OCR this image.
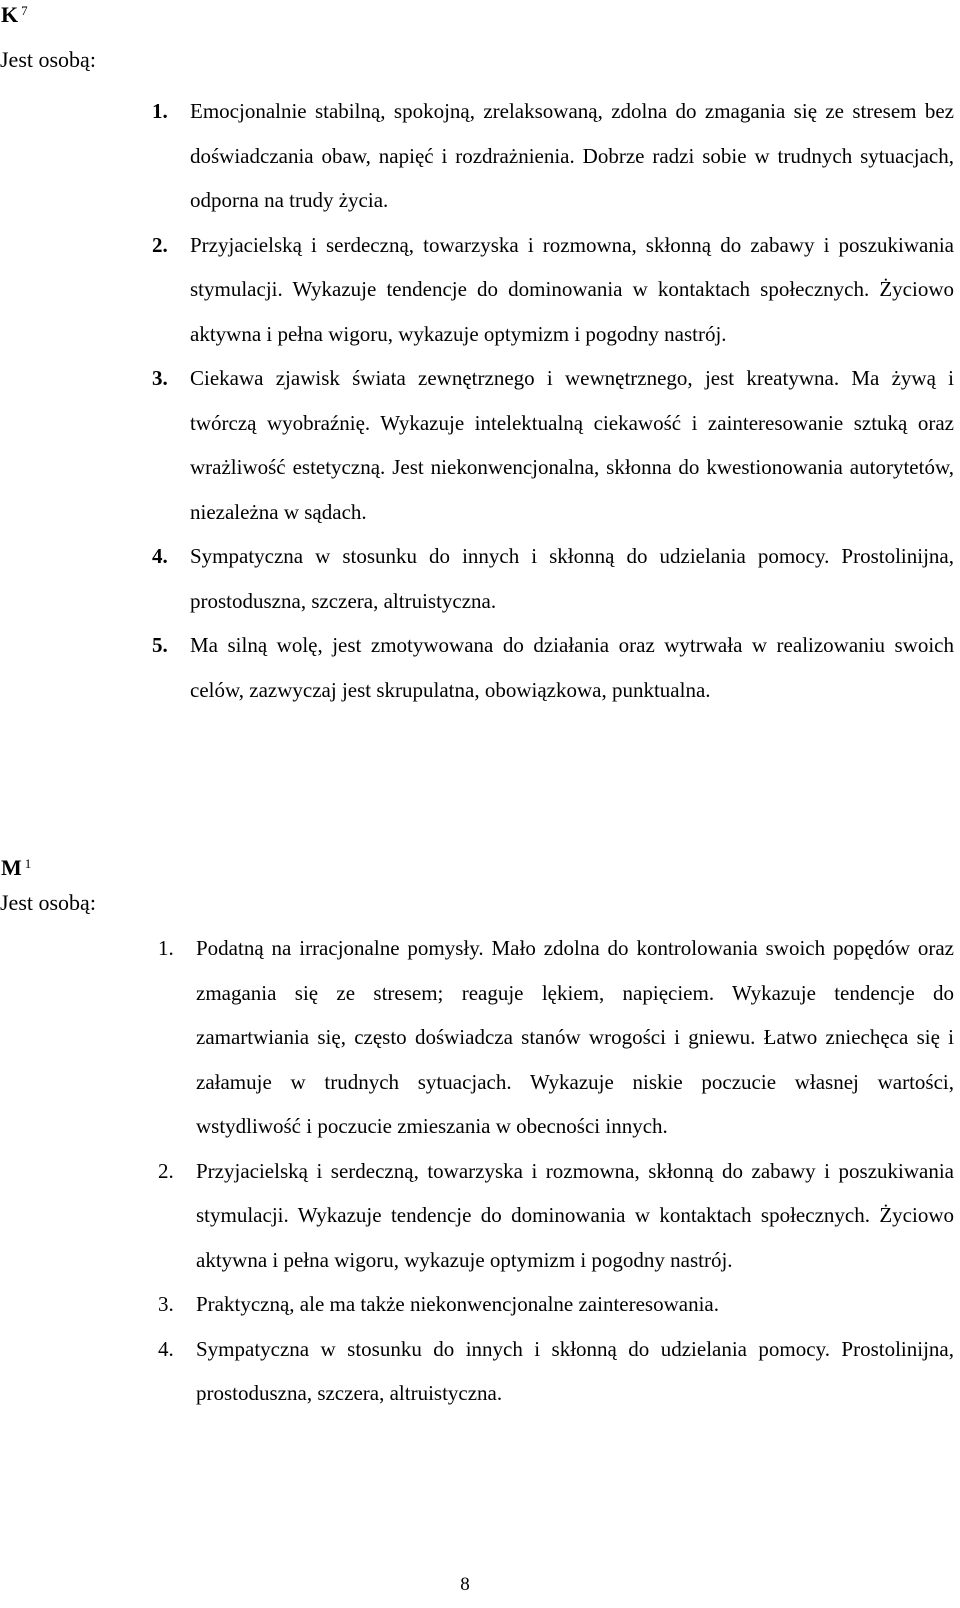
K $^7$
Jest osobą:
1.	Emocjonalnie stabilną, spokojną, zrelaksowaną, zdolna do zmagania się ze stresem bez doświadczania obaw, napięć i rozdrażnienia. Dobrze radzi sobie w trudnych sytuacjach, odporna na trudy życia.
2.	Przyjacielską i serdeczną, towarzyska i rozmowna, skłonną do zabawy i poszukiwania stymulacji. Wykazuje tendencje do dominowania w kontaktach społecznych. Życiowo aktywna i pełna wigoru, wykazuje optymizm i pogodny nastrój.
3.	Ciekawa zjawisk świata zewnętrznego i wewnętrznego, jest kreatywna. Ma żywą i twórczą wyobraźnię. Wykazuje intelektualną ciekawość i zainteresowanie sztuką oraz wrażliwość estetyczną. Jest niekonwencjonalna, skłonna do kwestionowania autorytetów, niezależna w sądach.
4.	Sympatyczna w stosunku do innych i skłonną do udzielania pomocy. Prostolinijna, prostoduszna, szczera, altruistyczna.
5.	Ma silną wolę, jest zmotywowana do działania oraz wytrwała w realizowaniu swoich celów, zazwyczaj jest skrupulatna, obowiązkowa, punktualna.
M $^1$
Jest osobą:
1.	Podatną na irracjonalne pomysły. Mało zdolna do kontrolowania swoich popędów oraz zmagania się ze stresem; reaguje lękiem, napięciem. Wykazuje tendencje do zamartwiania się, często doświadcza stanów wrogości i gniewu. Łatwo zniechęca się i załamuje w trudnych sytuacjach. Wykazuje niskie poczucie własnej wartości, wstydliwość i poczucie zmieszania w obecności innych.
2.	Przyjacielską i serdeczną, towarzyska i rozmowna, skłonną do zabawy i poszukiwania stymulacji. Wykazuje tendencje do dominowania w kontaktach społecznych. Życiowo aktywna i pełna wigoru, wykazuje optymizm i pogodny nastrój.
3.	Praktyczną, ale ma także niekonwencjonalne zainteresowania.
4.	Sympatyczna w stosunku do innych i skłonną do udzielania pomocy. Prostolinijna, prostoduszna, szczera, altruistyczna.
8
